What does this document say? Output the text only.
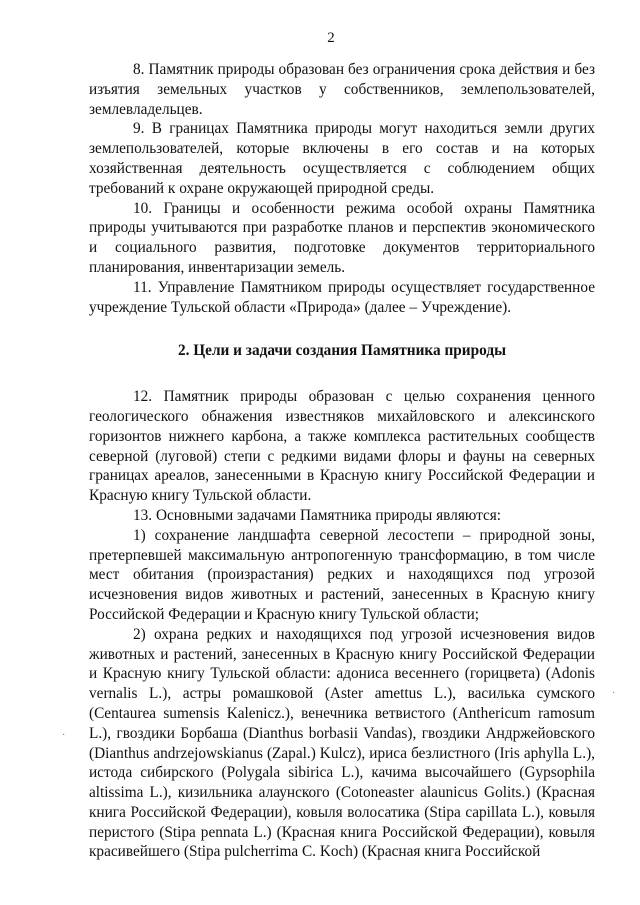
2

8. Памятник природы образован без ограничения срока действия и без изъятия земельных участков у собственников, землепользователей, землевладельцев.

9. В границах Памятника природы могут находиться земли других землепользователей, которые включены в его состав и на которых хозяйственная деятельность осуществляется с соблюдением общих требований к охране окружающей природной среды.

10. Границы и особенности режима особой охраны Памятника природы учитываются при разработке планов и перспектив экономического и социального развития, подготовке документов территориального планирования, инвентаризации земель.

11. Управление Памятником природы осуществляет государственное учреждение Тульской области «Природа» (далее – Учреждение).

2. Цели и задачи создания Памятника природы

12. Памятник природы образован с целью сохранения ценного геологического обнажения известняков михайловского и алексинского горизонтов нижнего карбона, а также комплекса растительных сообществ северной (луговой) степи с редкими видами флоры и фауны на северных границах ареалов, занесенными в Красную книгу Российской Федерации и Красную книгу Тульской области.

13. Основными задачами Памятника природы являются:

1) сохранение ландшафта северной лесостепи – природной зоны, претерпевшей максимальную антропогенную трансформацию, в том числе мест обитания (произрастания) редких и находящихся под угрозой исчезновения видов животных и растений, занесенных в Красную книгу Российской Федерации и Красную книгу Тульской области;

2) охрана редких и находящихся под угрозой исчезновения видов животных и растений, занесенных в Красную книгу Российской Федерации и Красную книгу Тульской области: адониса весеннего (горицвета) (Adonis vernalis L.), астры ромашковой (Aster amettus L.), василька сумского (Centaurea sumensis Kalenicz.), венечника ветвистого (Anthericum ramosum L.), гвоздики Борбаша (Dianthus borbasii Vandas), гвоздики Андржейовского (Dianthus andrzejowskianus (Zapal.) Kulcz), ириса безлистного (Iris aphylla L.), истода сибирского (Polygala sibirica L.), качима высочайшего (Gypsophila altissima L.), кизильника алаунского (Cotoneaster alaunicus Golits.) (Красная книга Российской Федерации), ковыля волосатика (Stipa capillata L.), ковыля перистого (Stipa pennata L.) (Красная книга Российской Федерации), ковыля красивейшего (Stipa pulcherrima C. Koch) (Красная книга Российской

·
·
